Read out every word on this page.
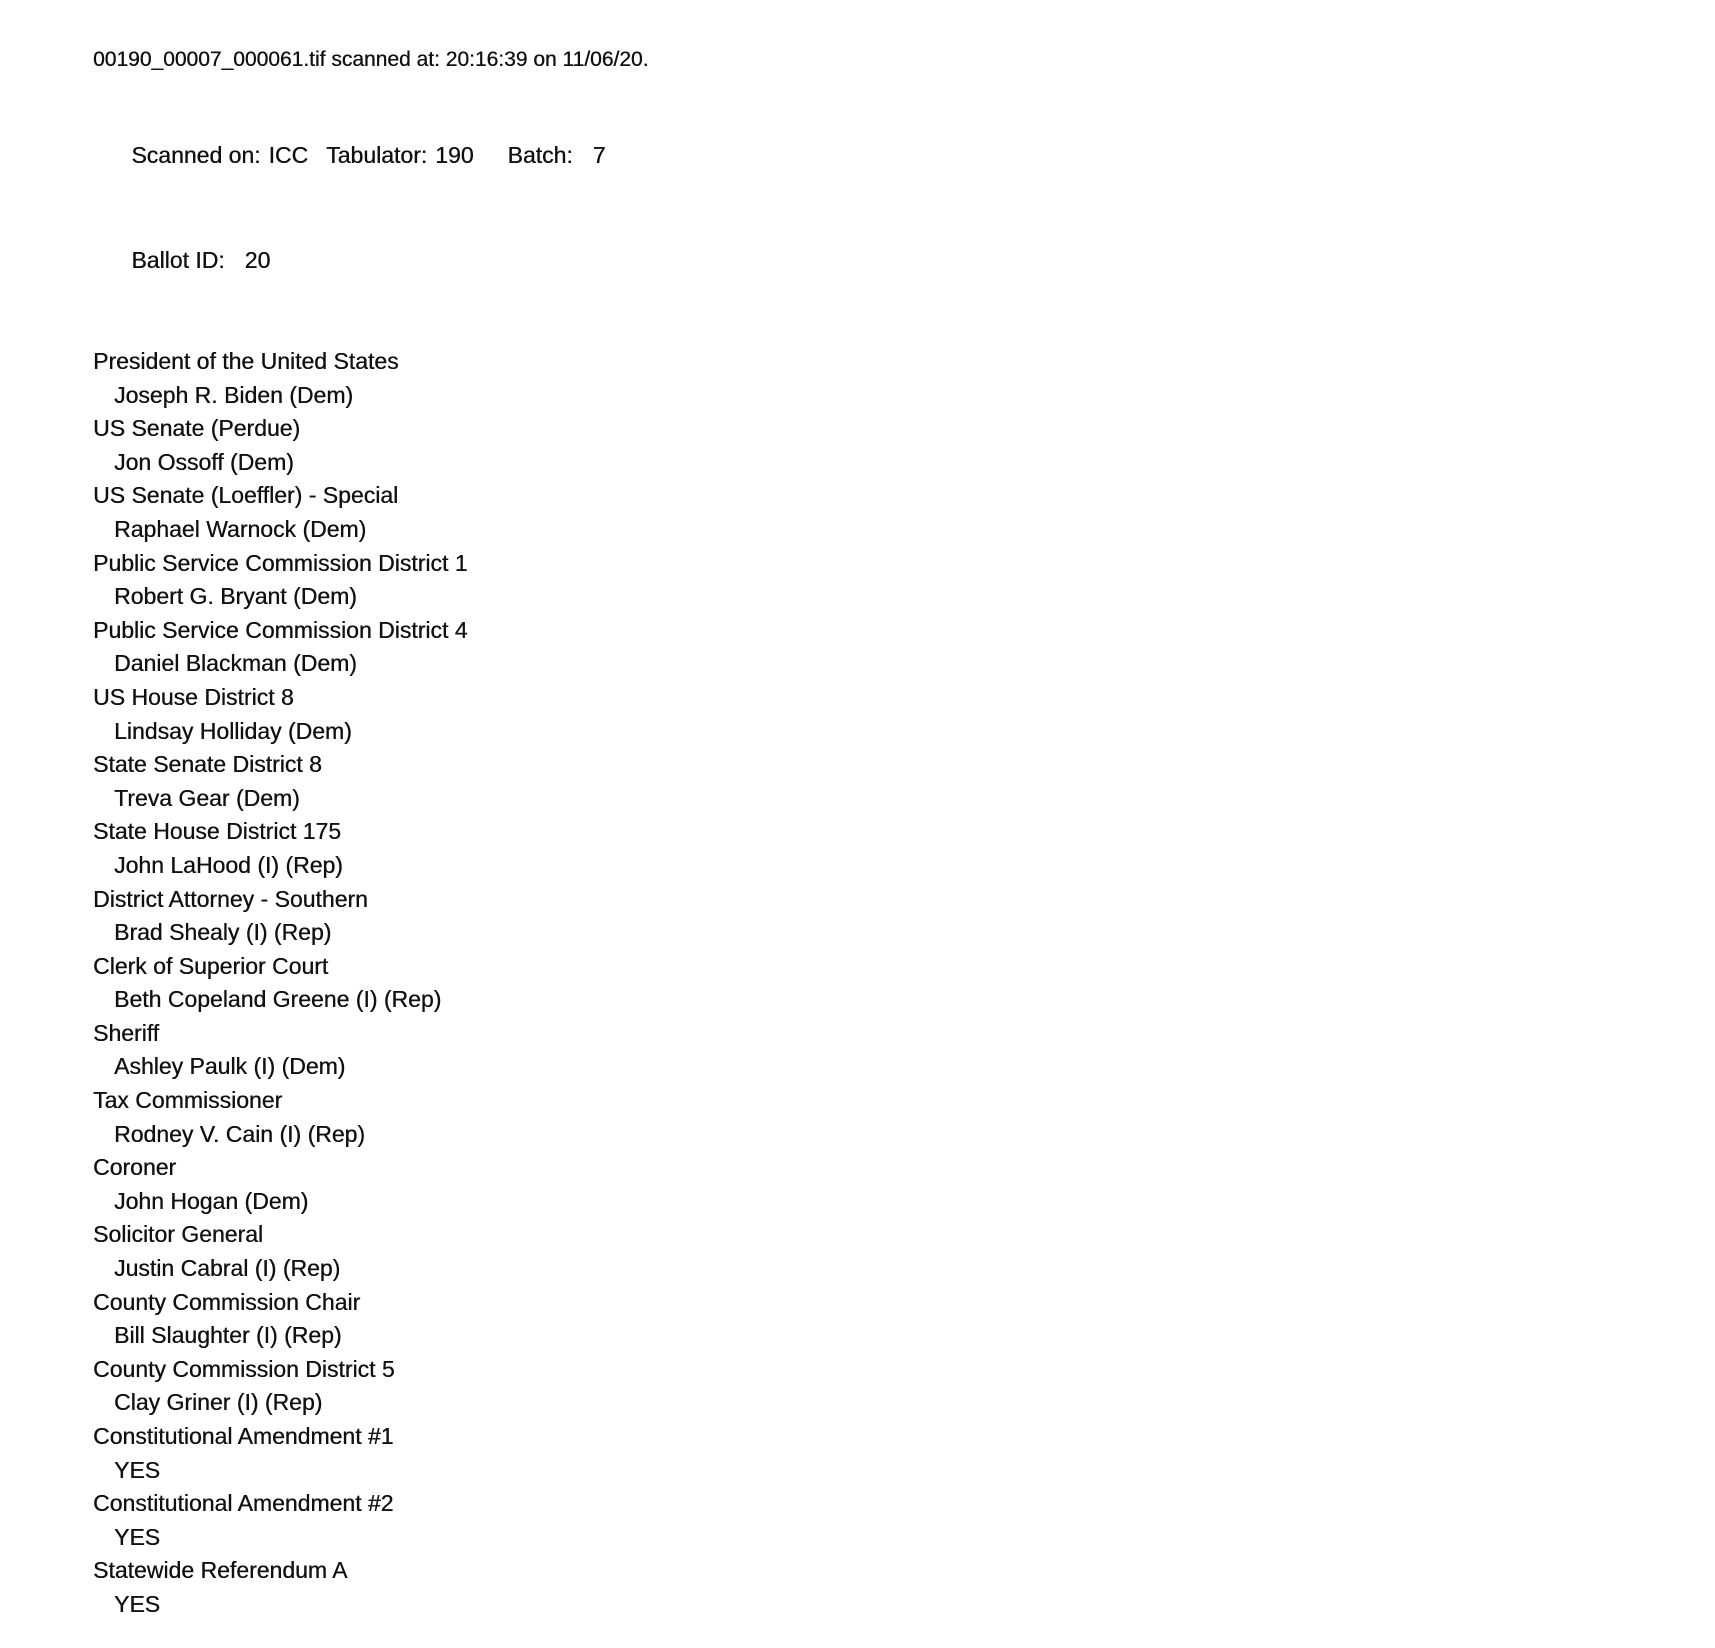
00190_00007_000061.tif scanned at: 20:16:39 on 11/06/20.

Scanned on: ICC Tabulator: 190 Batch: 7

Ballot ID: 20

President of the United States
Joseph R. Biden (Dem)
US Senate (Perdue)
Jon Ossoff (Dem)
US Senate (Loeffler) - Special
Raphael Warnock (Dem)
Public Service Commission District 1
Robert G. Bryant (Dem)
Public Service Commission District 4
Daniel Blackman (Dem)
US House District 8
Lindsay Holliday (Dem)
State Senate District 8
Treva Gear (Dem)
State House District 175
John LaHood (I) (Rep)
District Attorney - Southern
Brad Shealy (I) (Rep)
Clerk of Superior Court
Beth Copeland Greene (I) (Rep)
Sheriff
Ashley Paulk (I) (Dem)
Tax Commissioner
Rodney V. Cain (I) (Rep)
Coroner
John Hogan (Dem)
Solicitor General
Justin Cabral (I) (Rep)
County Commission Chair
Bill Slaughter (I) (Rep)
County Commission District 5
Clay Griner (I) (Rep)
Constitutional Amendment #1
YES
Constitutional Amendment #2
YES
Statewide Referendum A
YES
